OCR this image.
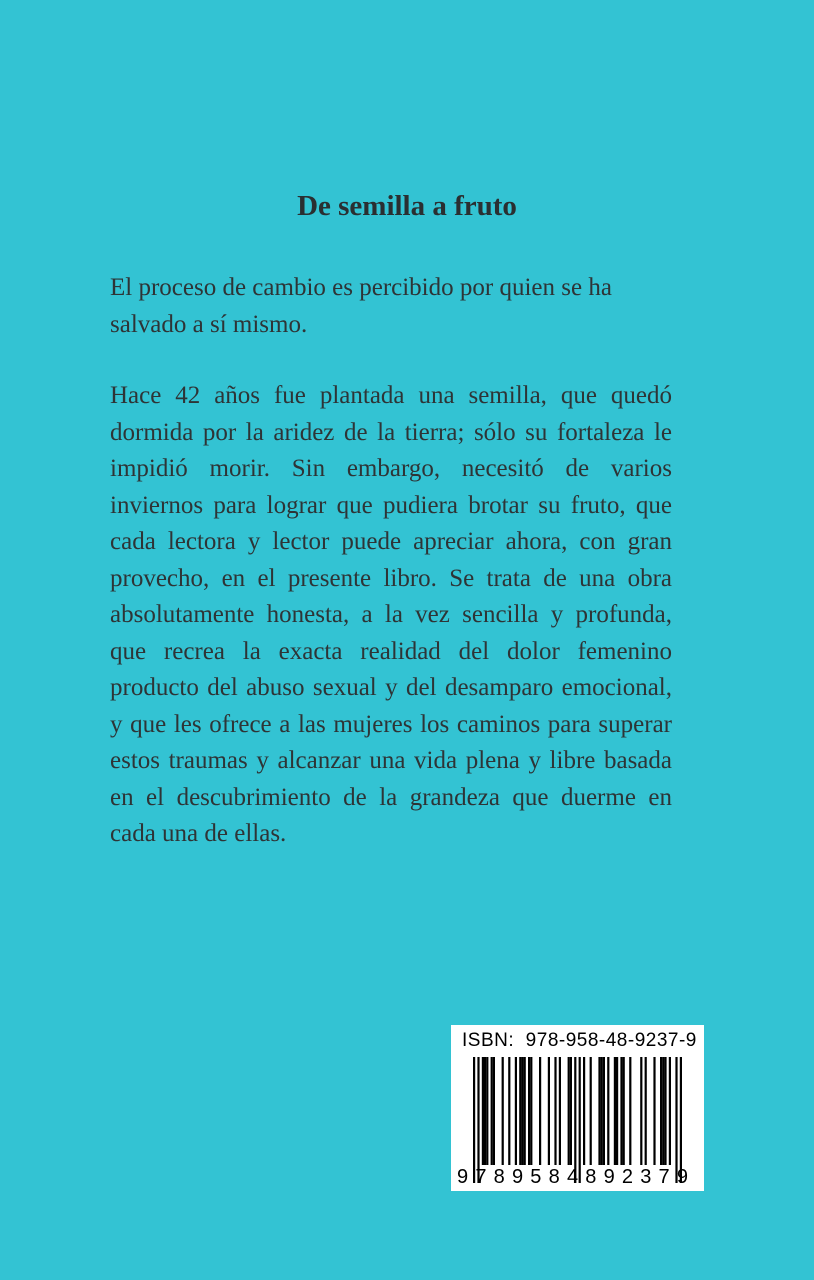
De semilla a fruto

El proceso de cambio es percibido por quien se ha salvado a sí mismo.

Hace 42 años fue plantada una semilla, que quedó dormida por la aridez de la tierra; sólo su fortaleza le impidió morir. Sin embargo, necesitó de varios inviernos para lograr que pudiera brotar su fruto, que cada lectora y lector puede apreciar ahora, con gran provecho, en el presente libro. Se trata de una obra absolutamente honesta, a la vez sencilla y profunda, que recrea la exacta realidad del dolor femenino producto del abuso sexual y del desamparo emocional, y que les ofrece a las mujeres los caminos para superar estos traumas y alcanzar una vida plena y libre basada en el descubrimiento de la grandeza que duerme en cada una de ellas.

ISBN:  978-958-48-9237-9
9789584892379
